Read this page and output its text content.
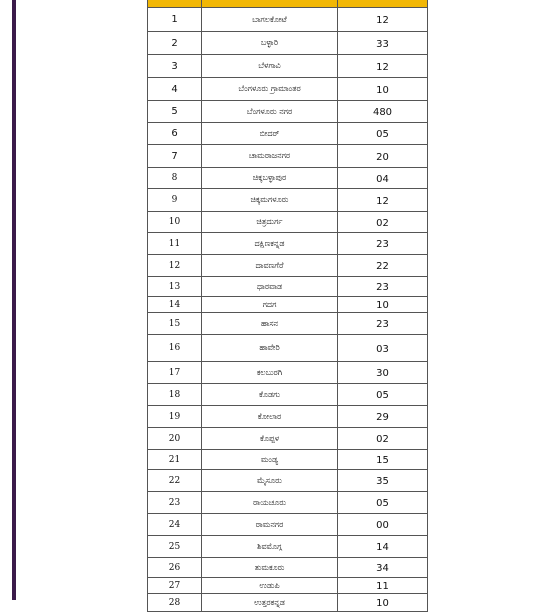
1	ಬಾಗಲಕೋಟೆ	12
2	ಬಳ್ಳಾರಿ	33
3	ಬೆಳಗಾವಿ	12
4	ಬೆಂಗಳೂರು ಗ್ರಾಮಾಂತರ	10
5	ಬೆಂಗಳೂರು ನಗರ	480
6	ಬೀದರ್	05
7	ಚಾಮರಾಜನಗರ	20
8	ಚಿಕ್ಕಬಳ್ಳಾಪುರ	04
9	ಚಿಕ್ಕಮಗಳೂರು	12
10	ಚಿತ್ರದುರ್ಗ	02
11	ದಕ್ಷಿಣಕನ್ನಡ	23
12	ದಾವಣಗೆರೆ	22
13	ಧಾರವಾಡ	23
14	ಗದಗ	10
15	ಹಾಸನ	23
16	ಹಾವೇರಿ	03
17	ಕಲಬುರಗಿ	30
18	ಕೊಡಗು	05
19	ಕೋಲಾರ	29
20	ಕೊಪ್ಪಳ	02
21	ಮಂಡ್ಯ	15
22	ಮೈಸೂರು	35
23	ರಾಯಚೂರು	05
24	ರಾಮನಗರ	00
25	ಶಿವಮೊಗ್ಗ	14
26	ತುಮಕೂರು	34
27	ಉಡುಪಿ	11
28	ಉತ್ತರಕನ್ನಡ	10
